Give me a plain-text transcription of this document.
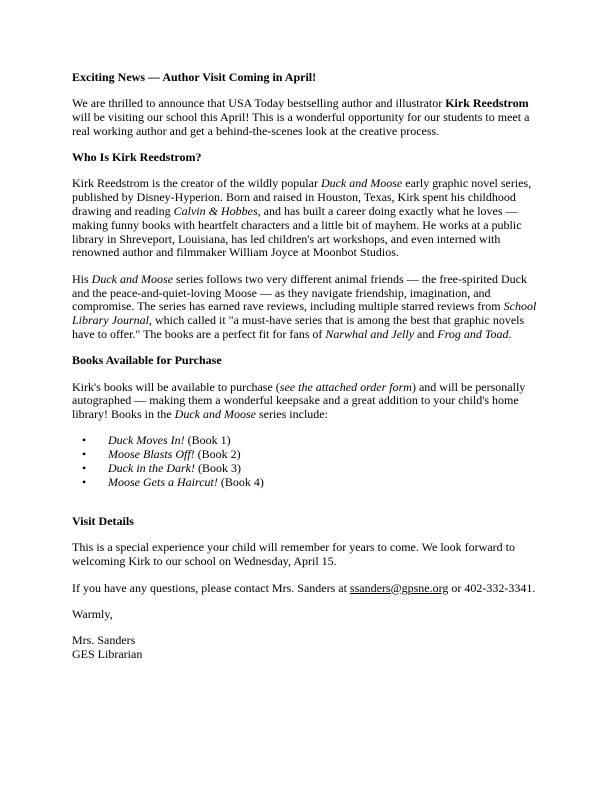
Exciting News — Author Visit Coming in April!

We are thrilled to announce that USA Today bestselling author and illustrator Kirk Reedstrom will be visiting our school this April! This is a wonderful opportunity for our students to meet a real working author and get a behind-the-scenes look at the creative process.

Who Is Kirk Reedstrom?

Kirk Reedstrom is the creator of the wildly popular Duck and Moose early graphic novel series, published by Disney-Hyperion. Born and raised in Houston, Texas, Kirk spent his childhood drawing and reading Calvin & Hobbes, and has built a career doing exactly what he loves — making funny books with heartfelt characters and a little bit of mayhem. He works at a public library in Shreveport, Louisiana, has led children's art workshops, and even interned with renowned author and filmmaker William Joyce at Moonbot Studios.

His Duck and Moose series follows two very different animal friends — the free-spirited Duck and the peace-and-quiet-loving Moose — as they navigate friendship, imagination, and compromise. The series has earned rave reviews, including multiple starred reviews from School Library Journal, which called it "a must-have series that is among the best that graphic novels have to offer." The books are a perfect fit for fans of Narwhal and Jelly and Frog and Toad.

Books Available for Purchase

Kirk's books will be available to purchase (see the attached order form) and will be personally autographed — making them a wonderful keepsake and a great addition to your child's home library! Books in the Duck and Moose series include:

• Duck Moves In! (Book 1)
• Moose Blasts Off! (Book 2)
• Duck in the Dark! (Book 3)
• Moose Gets a Haircut! (Book 4)
Visit Details

This is a special experience your child will remember for years to come. We look forward to welcoming Kirk to our school on Wednesday, April 15.

If you have any questions, please contact Mrs. Sanders at ssanders@gpsne.org or 402-332-3341.

Warmly,

Mrs. Sanders
GES Librarian
